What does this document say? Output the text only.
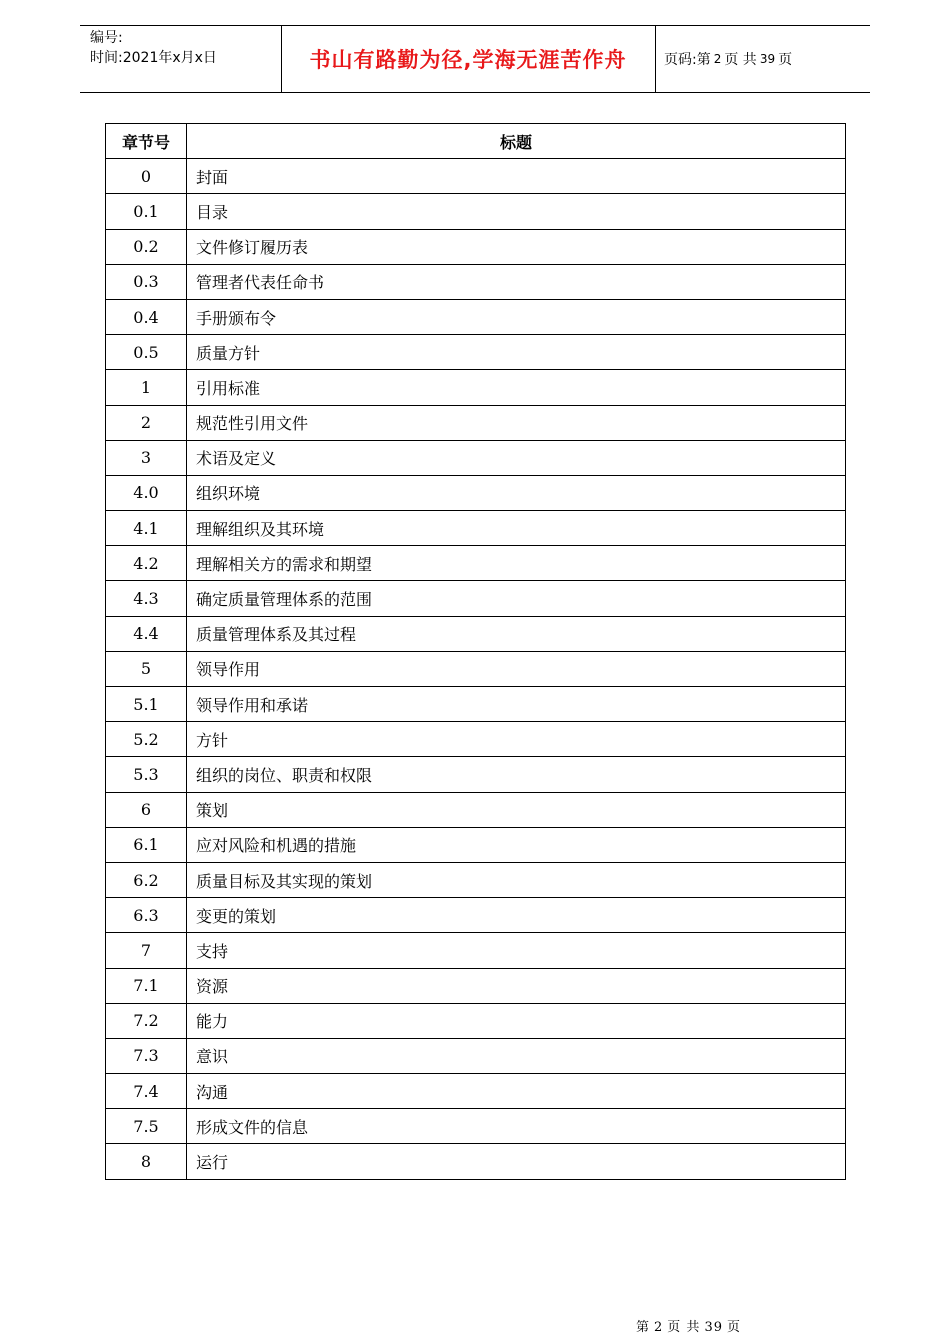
编号:
时间:2021年x月x日	书山有路勤为径,学海无涯苦作舟	页码:第 2 页 共 39 页
章节号	标题
0	封面
0.1	目录
0.2	文件修订履历表
0.3	管理者代表任命书
0.4	手册颁布令
0.5	质量方针
1	引用标准
2	规范性引用文件
3	术语及定义
4.0	组织环境
4.1	理解组织及其环境
4.2	理解相关方的需求和期望
4.3	确定质量管理体系的范围
4.4	质量管理体系及其过程
5	领导作用
5.1	领导作用和承诺
5.2	方针
5.3	组织的岗位、职责和权限
6	策划
6.1	应对风险和机遇的措施
6.2	质量目标及其实现的策划
6.3	变更的策划
7	支持
7.1	资源
7.2	能力
7.3	意识
7.4	沟通
7.5	形成文件的信息
8	运行
第 2 页 共 39 页
